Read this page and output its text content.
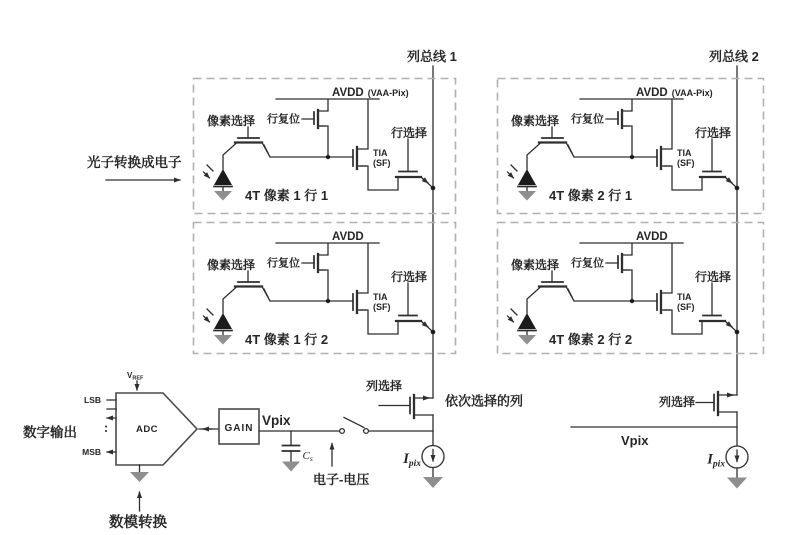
列总线 1	列总线 2
光子转换成电子
AVDD (VAA-Pix)
像素选择 行复位
行选择
TIA
(SF)
4T 像素 1 行 1
AVDD
像素选择 行复位
行选择
TIA
(SF)
4T 像素 1 行 2
AVDD (VAA-Pix)
像素选择 行复位
行选择
TIA
(SF)
4T 像素 2 行 1
AVDD
像素选择 行复位
行选择
TIA
(SF)
4T 像素 2 行 2
数字输出	ADC
VREF
LSB
MSB
数模转换
GAIN
Vpix
Cs
电子-电压
列选择
依次选择的列
$I_{pix}$
列选择
Vpix
$I_{pix}$
